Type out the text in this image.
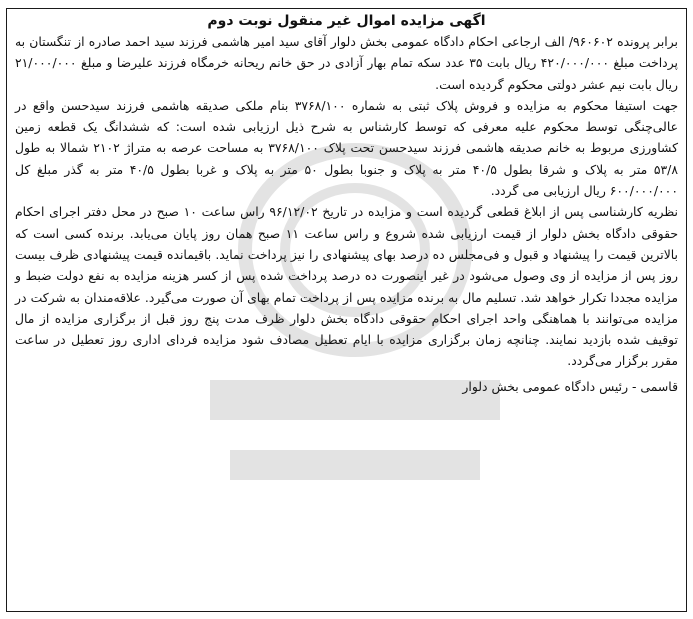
اگهی مزایده اموال غیر منقول نوبت دوم

برابر پرونده ۹۶۰۶۰۲/ الف ارجاعی احکام دادگاه عمومی بخش دلوار آقای سید امیر هاشمی فرزند سید احمد صادره از تنگستان به پرداخت مبلغ ۴۲۰/۰۰۰/۰۰۰ ریال بابت ۳۵ عدد سکه تمام بهار آزادی در حق خانم ریحانه خرمگاه فرزند علیرضا و مبلغ ۲۱/۰۰۰/۰۰۰ ریال بابت نیم عشر دولتی محکوم گردیده است.

جهت استیفا محکوم به مزایده و فروش پلاک ثبتی به شماره ۳۷۶۸/۱۰۰ بنام ملکی صدیقه هاشمی فرزند سیدحسن واقع در عالی‌چنگی توسط محکوم علیه معرفی که توسط کارشناس به شرح ذیل ارزیابی شده است: که ششدانگ یک قطعه زمین کشاورزی مربوط به خانم صدیقه هاشمی فرزند سیدحسن تحت پلاک ۳۷۶۸/۱۰۰ به مساحت عرصه به متراژ ۲۱۰۲ شمالا به طول ۵۳/۸ متر به پلاک و شرقا بطول ۴۰/۵ متر به پلاک و جنوبا بطول ۵۰ متر به پلاک و غربا بطول ۴۰/۵ متر به گذر مبلغ کل ۶۰۰/۰۰۰/۰۰۰ ریال ارزیابی می گردد.

نظریه کارشناسی پس از ابلاغ قطعی گردیده است و مزایده در تاریخ ۹۶/۱۲/۰۲ راس ساعت ۱۰ صبح در محل دفتر اجرای احکام حقوقی دادگاه بخش دلوار از قیمت ارزیابی شده شروع و راس ساعت ۱۱ صبح همان روز پایان می‌یابد. برنده کسی است که بالاترین قیمت را پیشنهاد و قبول و فی‌مجلس ده درصد بهای پیشنهادی را نیز پرداخت نماید. باقیمانده قیمت پیشنهادی ظرف بیست روز پس از مزایده از وی وصول می‌شود در غیر اینصورت ده درصد پرداخت شده پس از کسر هزینه مزایده به نفع دولت ضبط و مزایده مجددا تکرار خواهد شد. تسلیم مال به برنده مزایده پس از پرداخت تمام بهای آن صورت می‌گیرد. علاقه‌مندان به شرکت در مزایده می‌توانند با هماهنگی واحد اجرای احکام حقوقی دادگاه بخش دلوار ظرف مدت پنج روز قبل از برگزاری مزایده از مال توقیف شده بازدید نمایند. چنانچه زمان برگزاری مزایده با ایام تعطیل مصادف شود مزایده فردای اداری روز تعطیل در ساعت مقرر برگزار می‌گردد.

قاسمی - رئیس دادگاه عمومی بخش دلوار
